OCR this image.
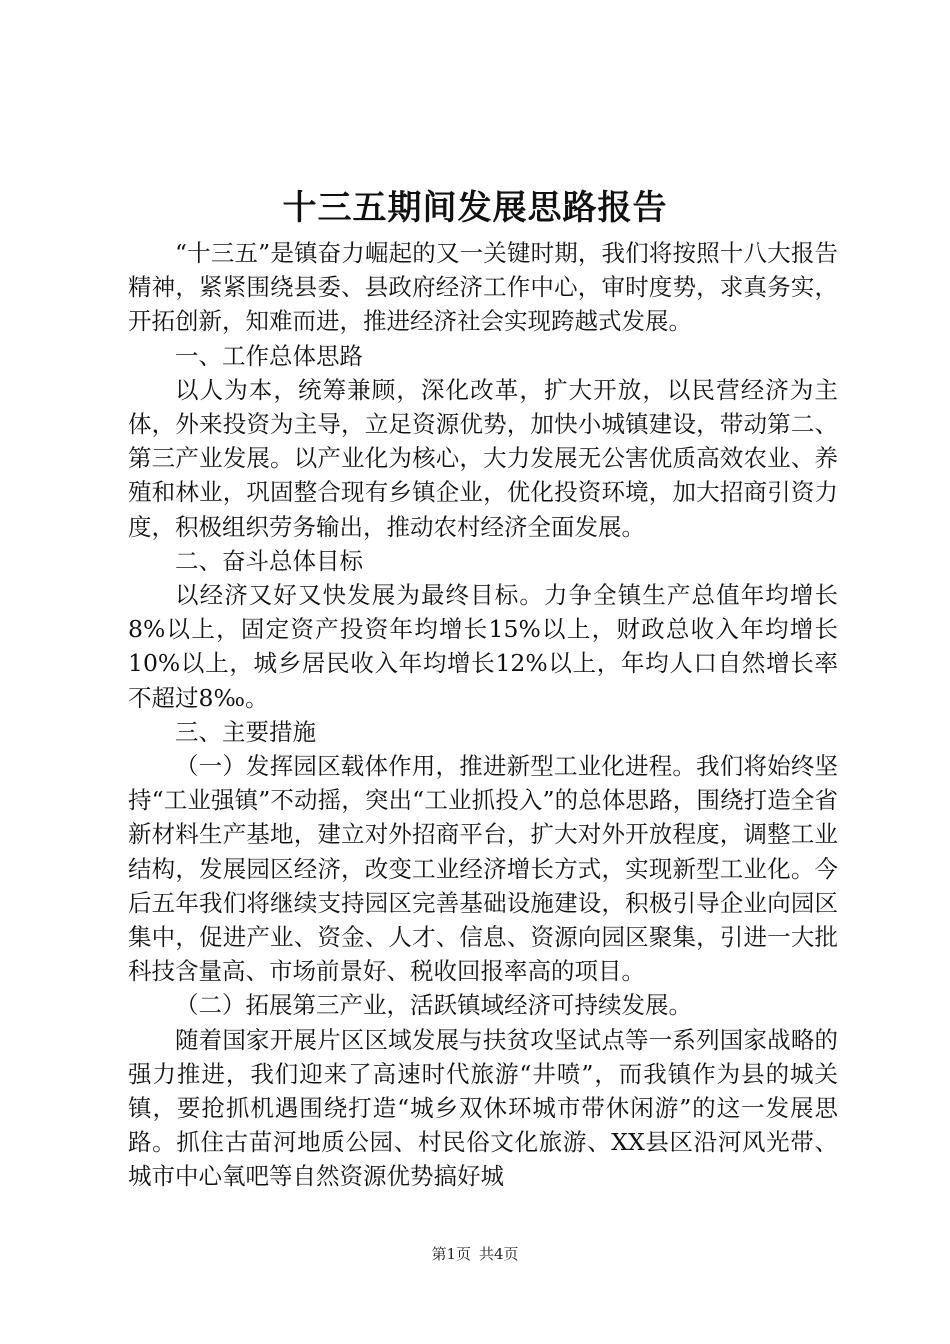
十三五期间发展思路报告

“十三五”是镇奋力崛起的又一关键时期，我们将按照十八大报告精神，紧紧围绕县委、县政府经济工作中心，审时度势，求真务实，开拓创新，知难而进，推进经济社会实现跨越式发展。

一、工作总体思路

以人为本，统筹兼顾，深化改革，扩大开放，以民营经济为主体，外来投资为主导，立足资源优势，加快小城镇建设，带动第二、第三产业发展。以产业化为核心，大力发展无公害优质高效农业、养殖和林业，巩固整合现有乡镇企业，优化投资环境，加大招商引资力度，积极组织劳务输出，推动农村经济全面发展。

二、奋斗总体目标

以经济又好又快发展为最终目标。力争全镇生产总值年均增长8%以上，固定资产投资年均增长15%以上，财政总收入年均增长10%以上，城乡居民收入年均增长12%以上，年均人口自然增长率不超过8‰。

三、主要措施

（一）发挥园区载体作用，推进新型工业化进程。我们将始终坚持“工业强镇”不动摇，突出“工业抓投入”的总体思路，围绕打造全省新材料生产基地，建立对外招商平台，扩大对外开放程度，调整工业结构，发展园区经济，改变工业经济增长方式，实现新型工业化。今后五年我们将继续支持园区完善基础设施建设，积极引导企业向园区集中，促进产业、资金、人才、信息、资源向园区聚集，引进一大批科技含量高、市场前景好、税收回报率高的项目。

（二）拓展第三产业，活跃镇域经济可持续发展。

随着国家开展片区区域发展与扶贫攻坚试点等一系列国家战略的强力推进，我们迎来了高速时代旅游“井喷”，而我镇作为县的城关镇，要抢抓机遇围绕打造“城乡双休环城市带休闲游”的这一发展思路。抓住古苗河地质公园、村民俗文化旅游、XX县区沿河风光带、城市中心氧吧等自然资源优势搞好城

第1页 共4页
